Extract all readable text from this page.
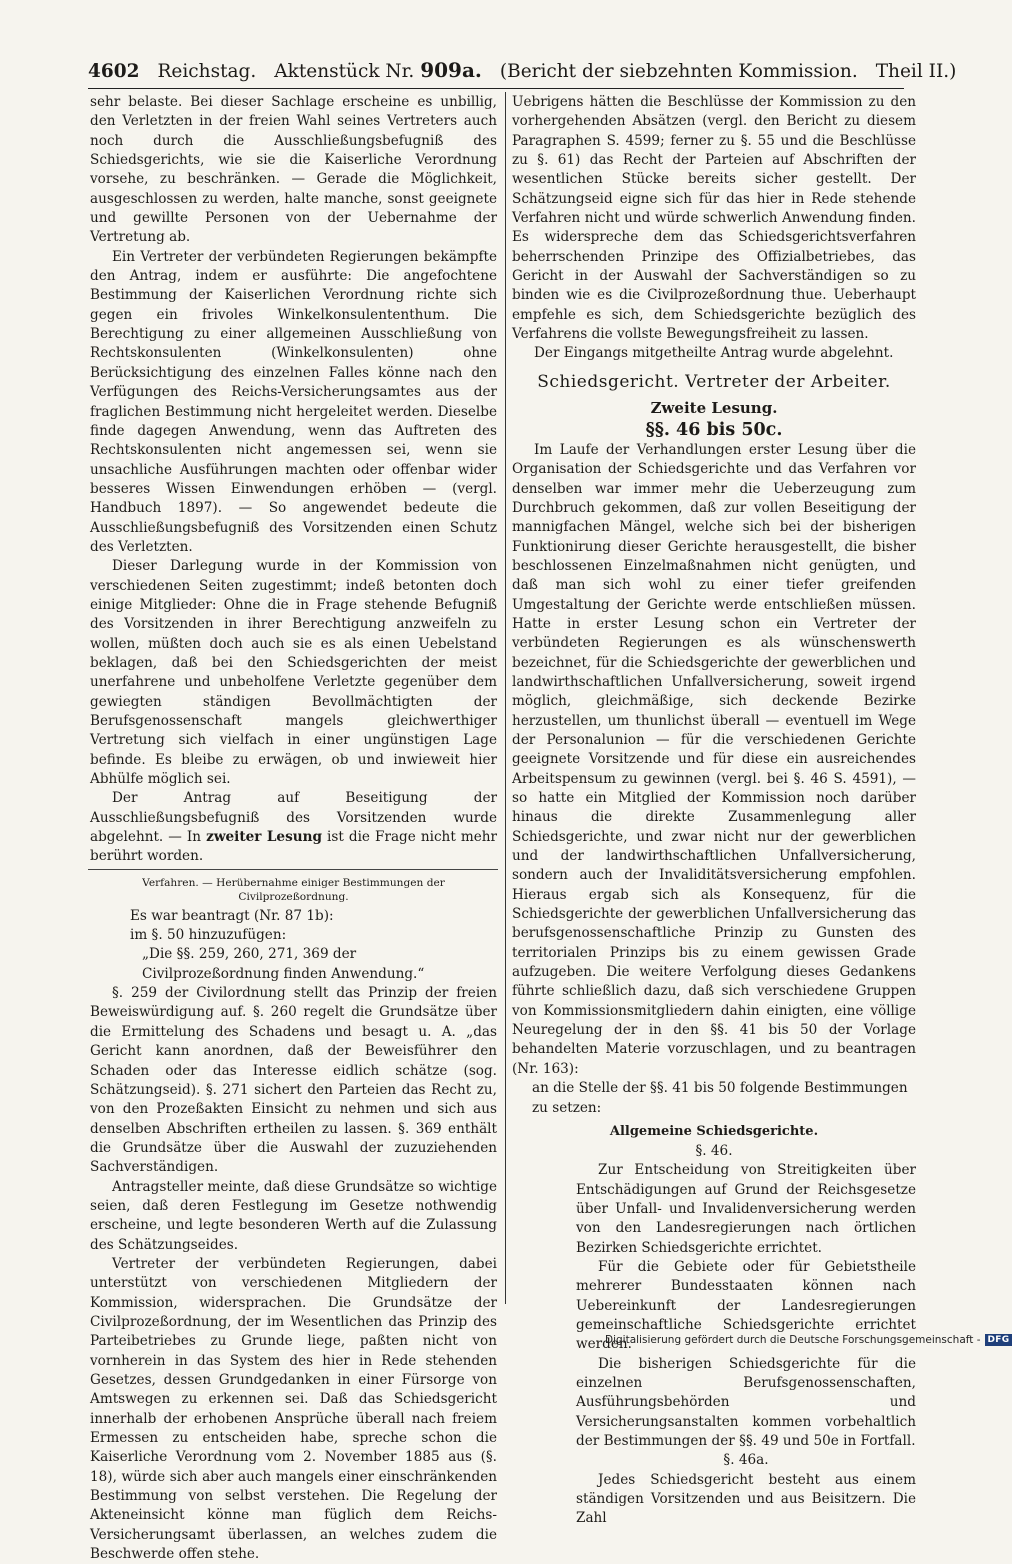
4602 Reichstag. Aktenstück Nr. 909a. (Bericht der siebzehnten Kommission. Theil II.)

sehr belaste. Bei dieser Sachlage erscheine es unbillig, den Verletzten in der freien Wahl seines Vertreters auch noch durch die Ausschließungsbefugniß des Schiedsgerichts, wie sie die Kaiserliche Verordnung vorsehe, zu beschränken. — Gerade die Möglichkeit, ausgeschlossen zu werden, halte manche, sonst geeignete und gewillte Personen von der Uebernahme der Vertretung ab.

Ein Vertreter der verbündeten Regierungen bekämpfte den Antrag, indem er ausführte: Die angefochtene Bestimmung der Kaiserlichen Verordnung richte sich gegen ein frivoles Winkelkonsulententhum. Die Berechtigung zu einer allgemeinen Ausschließung von Rechtskonsulenten (Winkelkonsulenten) ohne Berücksichtigung des einzelnen Falles könne nach den Verfügungen des Reichs-Versicherungsamtes aus der fraglichen Bestimmung nicht hergeleitet werden. Dieselbe finde dagegen Anwendung, wenn das Auftreten des Rechtskonsulenten nicht angemessen sei, wenn sie unsachliche Ausführungen machten oder offenbar wider besseres Wissen Einwendungen erhöben — (vergl. Handbuch 1897). — So angewendet bedeute die Ausschließungsbefugniß des Vorsitzenden einen Schutz des Verletzten.

Dieser Darlegung wurde in der Kommission von verschiedenen Seiten zugestimmt; indeß betonten doch einige Mitglieder: Ohne die in Frage stehende Befugniß des Vorsitzenden in ihrer Berechtigung anzweifeln zu wollen, müßten doch auch sie es als einen Uebelstand beklagen, daß bei den Schiedsgerichten der meist unerfahrene und unbeholfene Verletzte gegenüber dem gewiegten ständigen Bevollmächtigten der Berufsgenossenschaft mangels gleichwerthiger Vertretung sich vielfach in einer ungünstigen Lage befinde. Es bleibe zu erwägen, ob und inwieweit hier Abhülfe möglich sei.

Der Antrag auf Beseitigung der Ausschließungsbefugniß des Vorsitzenden wurde abgelehnt. — In zweiter Lesung ist die Frage nicht mehr berührt worden.

Verfahren. — Herübernahme einiger Bestimmungen der Civilprozeßordnung.

Es war beantragt (Nr. 87 1b):

im §. 50 hinzuzufügen:

„Die §§. 259, 260, 271, 369 der Civilprozeßordnung finden Anwendung.“

§. 259 der Civilordnung stellt das Prinzip der freien Beweiswürdigung auf. §. 260 regelt die Grundsätze über die Ermittelung des Schadens und besagt u. A. „das Gericht kann anordnen, daß der Beweisführer den Schaden oder das Interesse eidlich schätze (sog. Schätzungseid). §. 271 sichert den Parteien das Recht zu, von den Prozeßakten Einsicht zu nehmen und sich aus denselben Abschriften ertheilen zu lassen. §. 369 enthält die Grundsätze über die Auswahl der zuzuziehenden Sachverständigen.

Antragsteller meinte, daß diese Grundsätze so wichtige seien, daß deren Festlegung im Gesetze nothwendig erscheine, und legte besonderen Werth auf die Zulassung des Schätzungseides.

Vertreter der verbündeten Regierungen, dabei unterstützt von verschiedenen Mitgliedern der Kommission, widersprachen. Die Grundsätze der Civilprozeßordnung, der im Wesentlichen das Prinzip des Parteibetriebes zu Grunde liege, paßten nicht von vornherein in das System des hier in Rede stehenden Gesetzes, dessen Grundgedanken in einer Fürsorge von Amtswegen zu erkennen sei. Daß das Schiedsgericht innerhalb der erhobenen Ansprüche überall nach freiem Ermessen zu entscheiden habe, spreche schon die Kaiserliche Verordnung vom 2. November 1885 aus (§. 18), würde sich aber auch mangels einer einschränkenden Bestimmung von selbst verstehen. Die Regelung der Akteneinsicht könne man füglich dem Reichs-Versicherungsamt überlassen, an welches zudem die Beschwerde offen stehe.

Uebrigens hätten die Beschlüsse der Kommission zu den vorhergehenden Absätzen (vergl. den Bericht zu diesem Paragraphen S. 4599; ferner zu §. 55 und die Beschlüsse zu §. 61) das Recht der Parteien auf Abschriften der wesentlichen Stücke bereits sicher gestellt. Der Schätzungseid eigne sich für das hier in Rede stehende Verfahren nicht und würde schwerlich Anwendung finden. Es widerspreche dem das Schiedsgerichtsverfahren beherrschenden Prinzipe des Offizialbetriebes, das Gericht in der Auswahl der Sachverständigen so zu binden wie es die Civilprozeßordnung thue. Ueberhaupt empfehle es sich, dem Schiedsgerichte bezüglich des Verfahrens die vollste Bewegungsfreiheit zu lassen.

Der Eingangs mitgetheilte Antrag wurde abgelehnt.

Schiedsgericht. Vertreter der Arbeiter.
Zweite Lesung.
§§. 46 bis 50c.

Im Laufe der Verhandlungen erster Lesung über die Organisation der Schiedsgerichte und das Verfahren vor denselben war immer mehr die Ueberzeugung zum Durchbruch gekommen, daß zur vollen Beseitigung der mannigfachen Mängel, welche sich bei der bisherigen Funktionirung dieser Gerichte herausgestellt, die bisher beschlossenen Einzelmaßnahmen nicht genügten, und daß man sich wohl zu einer tiefer greifenden Umgestaltung der Gerichte werde entschließen müssen. Hatte in erster Lesung schon ein Vertreter der verbündeten Regierungen es als wünschenswerth bezeichnet, für die Schiedsgerichte der gewerblichen und landwirthschaftlichen Unfallversicherung, soweit irgend möglich, gleichmäßige, sich deckende Bezirke herzustellen, um thunlichst überall — eventuell im Wege der Personalunion — für die verschiedenen Gerichte geeignete Vorsitzende und für diese ein ausreichendes Arbeitspensum zu gewinnen (vergl. bei §. 46 S. 4591), — so hatte ein Mitglied der Kommission noch darüber hinaus die direkte Zusammenlegung aller Schiedsgerichte, und zwar nicht nur der gewerblichen und der landwirthschaftlichen Unfallversicherung, sondern auch der Invaliditätsversicherung empfohlen. Hieraus ergab sich als Konsequenz, für die Schiedsgerichte der gewerblichen Unfallversicherung das berufsgenossenschaftliche Prinzip zu Gunsten des territorialen Prinzips bis zu einem gewissen Grade aufzugeben. Die weitere Verfolgung dieses Gedankens führte schließlich dazu, daß sich verschiedene Gruppen von Kommissionsmitgliedern dahin einigten, eine völlige Neuregelung der in den §§. 41 bis 50 der Vorlage behandelten Materie vorzuschlagen, und zu beantragen (Nr. 163):

an die Stelle der §§. 41 bis 50 folgende Bestimmungen zu setzen:

Allgemeine Schiedsgerichte.
§. 46.

Zur Entscheidung von Streitigkeiten über Entschädigungen auf Grund der Reichsgesetze über Unfall- und Invalidenversicherung werden von den Landesregierungen nach örtlichen Bezirken Schiedsgerichte errichtet.

Für die Gebiete oder für Gebietstheile mehrerer Bundesstaaten können nach Uebereinkunft der Landesregierungen gemeinschaftliche Schiedsgerichte errichtet werden.

Die bisherigen Schiedsgerichte für die einzelnen Berufsgenossenschaften, Ausführungsbehörden und Versicherungsanstalten kommen vorbehaltlich der Bestimmungen der §§. 49 und 50e in Fortfall.

§. 46a.

Jedes Schiedsgericht besteht aus einem ständigen Vorsitzenden und aus Beisitzern. Die Zahl

Digitalisierung gefördert durch die Deutsche Forschungsgemeinschaft - DFG
